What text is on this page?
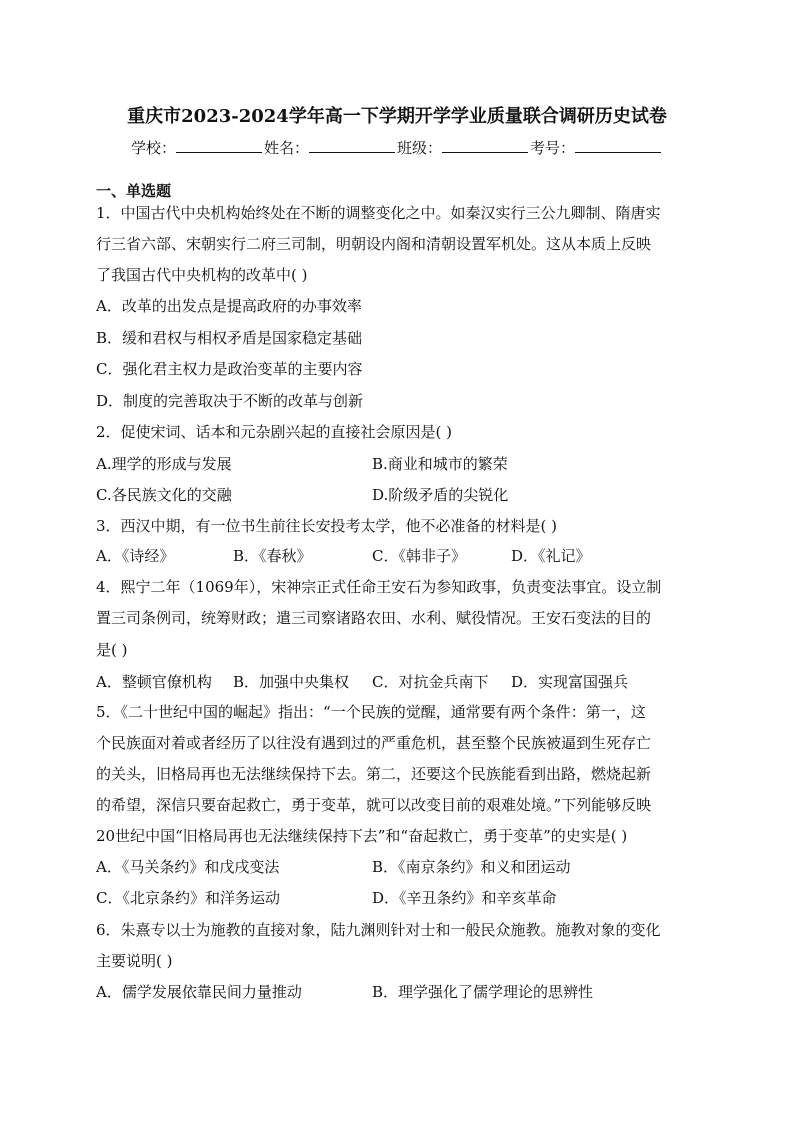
重庆市2023-2024学年高一下学期开学学业质量联合调研历史试卷
学校：	姓名：	班级：	考号：
一、单选题
1．中国古代中央机构始终处在不断的调整变化之中。如秦汉实行三公九卿制、隋唐实
行三省六部、宋朝实行二府三司制，明朝设内阁和清朝设置军机处。这从本质上反映
了我国古代中央机构的改革中( )
A．改革的出发点是提高政府的办事效率
B．缓和君权与相权矛盾是国家稳定基础
C．强化君主权力是政治变革的主要内容
D．制度的完善取决于不断的改革与创新
2．促使宋词、话本和元杂剧兴起的直接社会原因是( )
A.理学的形成与发展	B.商业和城市的繁荣
C.各民族文化的交融	D.阶级矛盾的尖锐化
3．西汉中期，有一位书生前往长安投考太学，他不必准备的材料是( )
A．《诗经》	B．《春秋》	C．《韩非子》	D．《礼记》
4．熙宁二年（1069年），宋神宗正式任命王安石为参知政事，负责变法事宜。设立制
置三司条例司，统筹财政；遣三司察诸路农田、水利、赋役情况。王安石变法的目的
是( )
A．整顿官僚机构 B．加强中央集权 C．对抗金兵南下 D．实现富国强兵
5．《二十世纪中国的崛起》指出：“一个民族的觉醒，通常要有两个条件：第一，这
个民族面对着或者经历了以往没有遇到过的严重危机，甚至整个民族被逼到生死存亡
的关头，旧格局再也无法继续保持下去。第二，还要这个民族能看到出路，燃烧起新
的希望，深信只要奋起救亡，勇于变革，就可以改变目前的艰难处境。”下列能够反映
20世纪中国“旧格局再也无法继续保持下去”和“奋起救亡，勇于变革”的史实是( )
A．《马关条约》和戊戌变法	B．《南京条约》和义和团运动
C．《北京条约》和洋务运动	D．《辛丑条约》和辛亥革命
6．朱熹专以士为施教的直接对象，陆九渊则针对士和一般民众施教。施教对象的变化
主要说明( )
A．儒学发展依靠民间力量推动	B．理学强化了儒学理论的思辨性
